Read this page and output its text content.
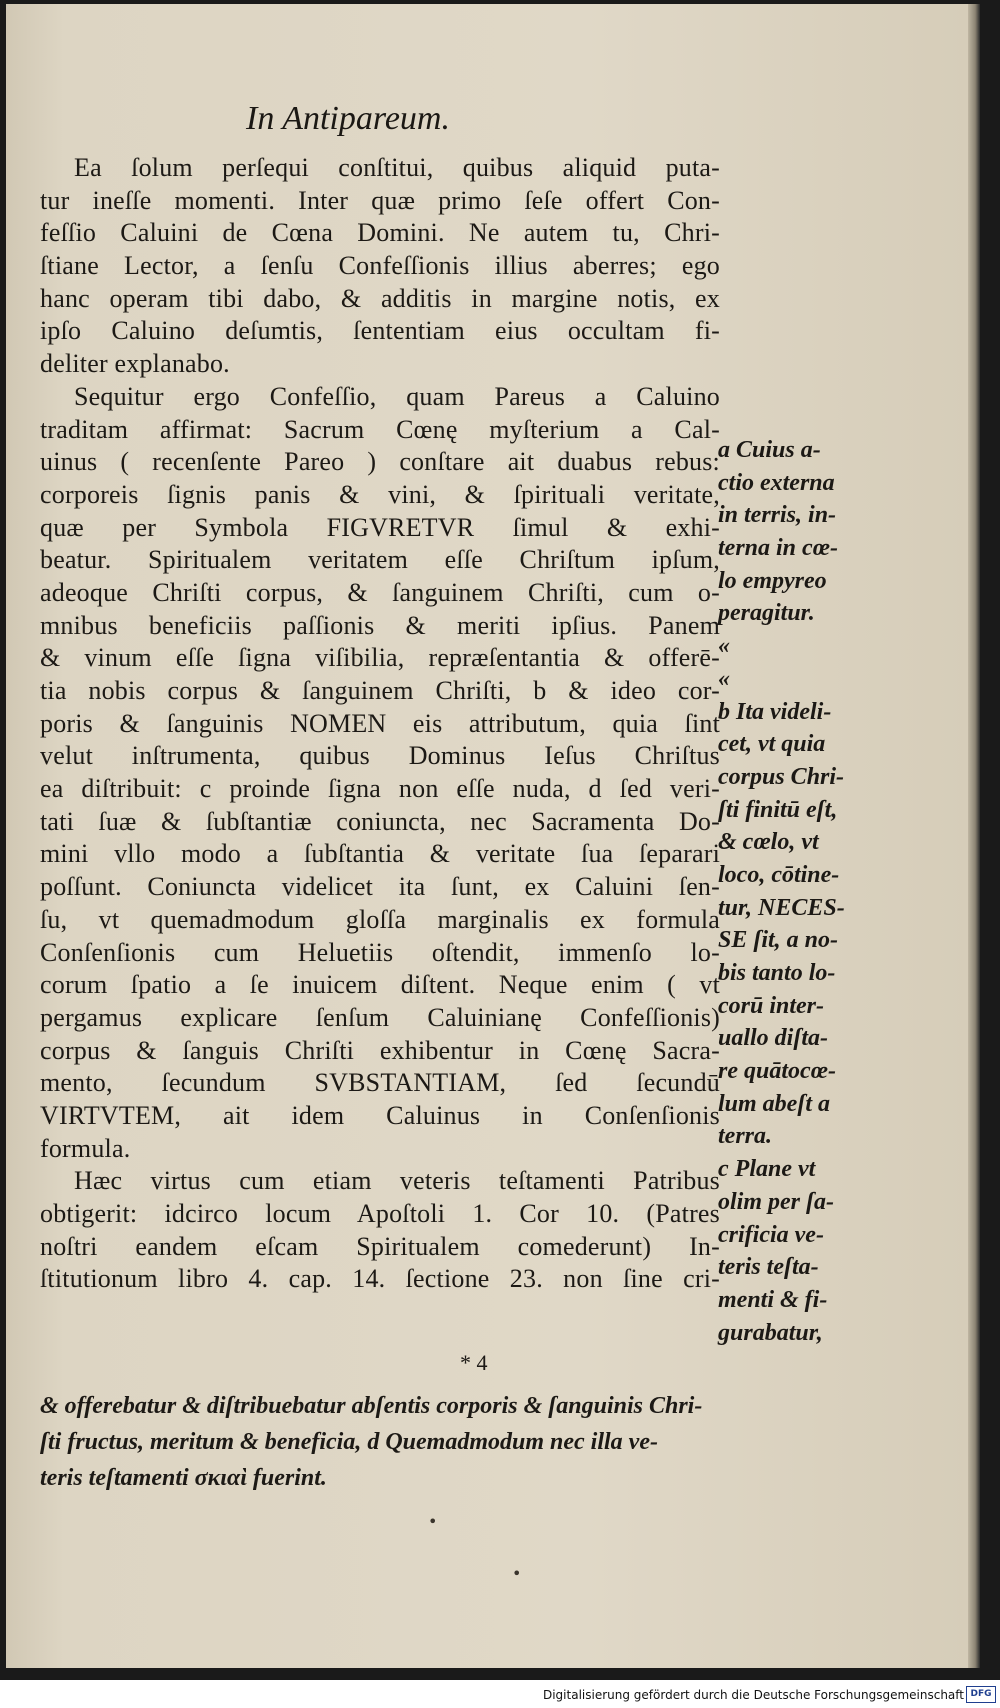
In Antipareum.
Ea ſolum perſequi conſtitui, quibus aliquid puta-
tur ineſſe momenti. Inter quæ primo ſeſe offert Con-
feſſio Caluini de Cœna Domini. Ne autem tu, Chri-
ſtiane Lector, a ſenſu Confeſſionis illius aberres; ego
hanc operam tibi dabo, & additis in margine notis, ex
ipſo Caluino deſumtis, ſententiam eius occultam fi-
deliter explanabo.
Sequitur ergo Confeſſio, quam Pareus a Caluino
traditam affirmat: Sacrum Cœnę myſterium a Cal-
uinus ( recenſente Pareo ) conſtare ait duabus rebus:
corporeis ſignis panis & vini, & ſpirituali veritate,
quæ per Symbola FIGVRETVR ſimul & exhi-
beatur. Spiritualem veritatem eſſe Chriſtum ipſum,
adeoque Chriſti corpus, & ſanguinem Chriſti, cum o-
mnibus beneficiis paſſionis & meriti ipſius. Panem
& vinum eſſe ſigna viſibilia, repræſentantia & offerē-
tia nobis corpus & ſanguinem Chriſti, b & ideo cor-
poris & ſanguinis NOMEN eis attributum, quia ſint
velut inſtrumenta, quibus Dominus Ieſus Chriſtus
ea diſtribuit: c proinde ſigna non eſſe nuda, d ſed veri-
tati ſuæ & ſubſtantiæ coniuncta, nec Sacramenta Do-
mini vllo modo a ſubſtantia & veritate ſua ſeparari
poſſunt. Coniuncta videlicet ita ſunt, ex Caluini ſen-
ſu, vt quemadmodum gloſſa marginalis ex formula
Conſenſionis cum Heluetiis oſtendit, immenſo lo-
corum ſpatio a ſe inuicem diſtent. Neque enim ( vt
pergamus explicare ſenſum Caluinianę Confeſſionis)
corpus & ſanguis Chriſti exhibentur in Cœnę Sacra-
mento, ſecundum SVBSTANTIAM, ſed ſecundū
VIRTVTEM, ait idem Caluinus in Conſenſionis
formula.
Hæc virtus cum etiam veteris teſtamenti Patribus
obtigerit: idcirco locum Apoſtoli 1. Cor 10. (Patres
noſtri eandem eſcam Spiritualem comederunt) In-
ſtitutionum libro 4. cap. 14. ſectione 23. non ſine cri-
a Cuius a-
ctio externa
in terris, in-
terna in cœ-
lo empyreo
peragitur.
«
«
b Ita videli-
cet, vt quia
corpus Chri-
ſti finitū eſt,
& cœlo, vt
loco, cōtine-
tur, NECES-
SE ſit, a no-
bis tanto lo-
corū inter-
uallo diſta-
re quātocœ-
lum abeſt a
terra.
c Plane vt
olim per ſa-
crificia ve-
teris teſta-
menti & fi-
gurabatur,
* 4
& offerebatur & diſtribuebatur abſentis corporis & ſanguinis Chri-
ſti fructus, meritum & beneficia, d Quemadmodum nec illa ve-
teris teſtamenti σκιαὶ fuerint.
•
•
Digitalisierung gefördert durch die Deutsche Forschungsgemeinschaft DFG
